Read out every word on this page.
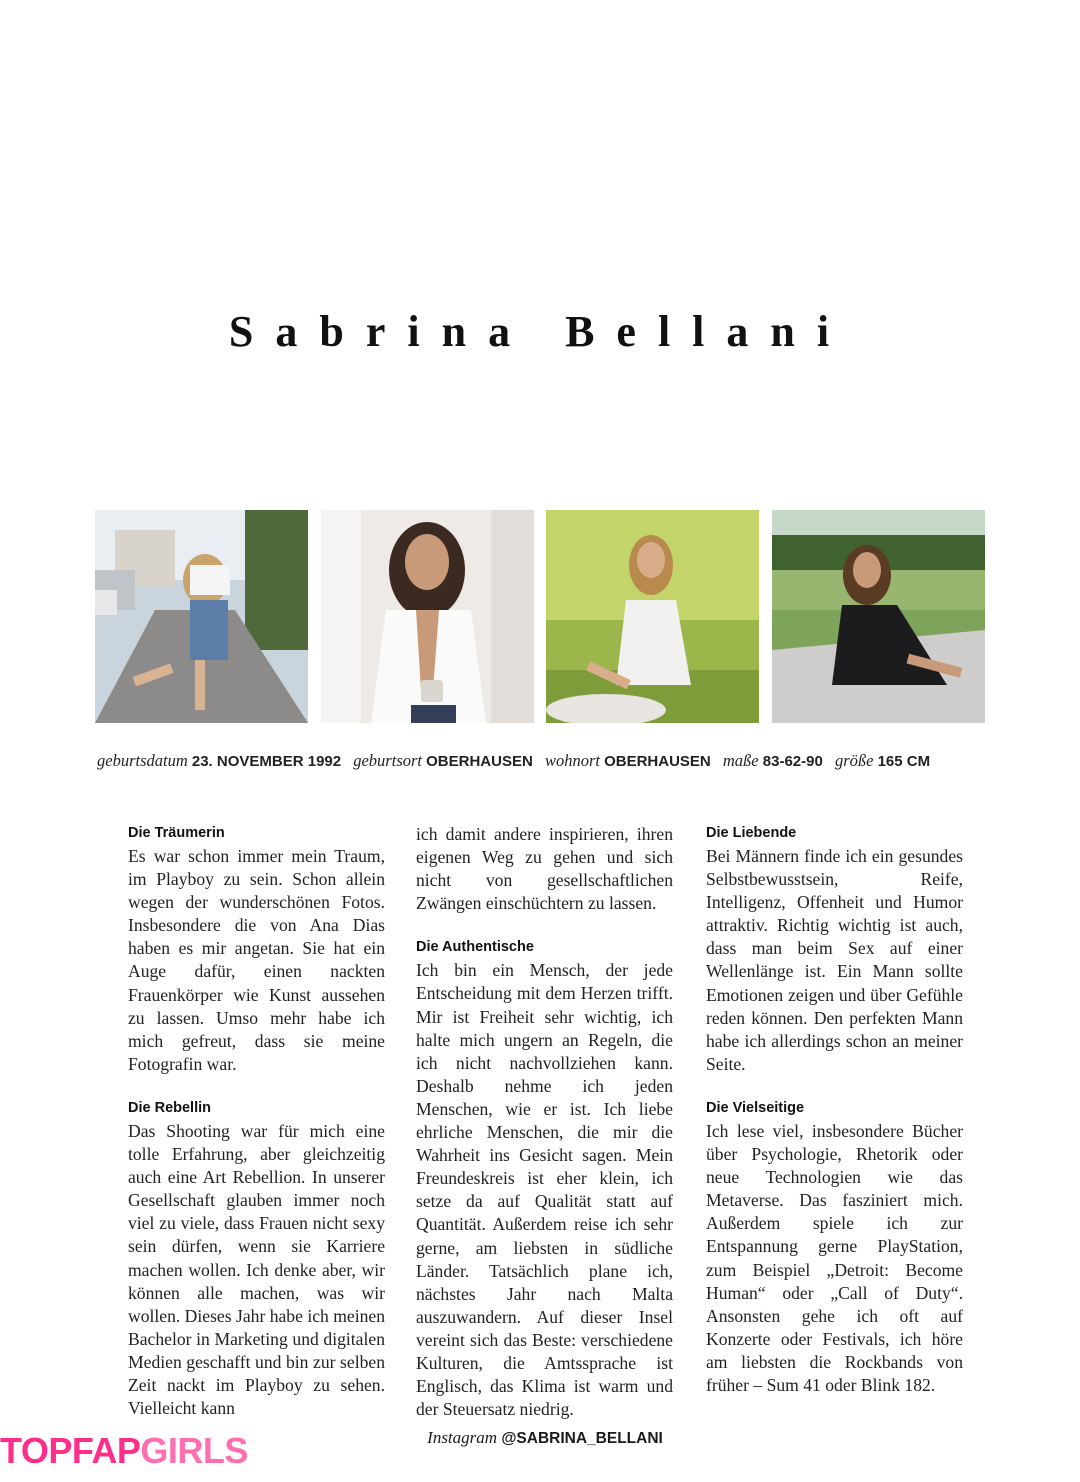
Sabrina Bellani
geburtsdatum 23. NOVEMBER 1992 geburtsort OBERHAUSEN wohnort OBERHAUSEN maße 83-62-90 größe 165 CM
Die Träumerin

Es war schon immer mein Traum, im Playboy zu sein. Schon allein wegen der wunderschönen Fotos. Insbesondere die von Ana Dias haben es mir angetan. Sie hat ein Auge dafür, einen nackten Frauenkörper wie Kunst aussehen zu lassen. Umso mehr habe ich mich gefreut, dass sie meine Fotografin war.

Die Rebellin

Das Shooting war für mich eine tolle Erfahrung, aber gleichzeitig auch eine Art Rebellion. In unserer Gesellschaft glauben immer noch viel zu viele, dass Frauen nicht sexy sein dürfen, wenn sie Karriere machen wollen. Ich denke aber, wir können alle machen, was wir wollen. Dieses Jahr habe ich meinen Bachelor in Marketing und digitalen Medien geschafft und bin zur selben Zeit nackt im Playboy zu sehen. Vielleicht kann

ich damit andere inspirieren, ihren eigenen Weg zu gehen und sich nicht von gesellschaftlichen Zwängen einschüchtern zu lassen.

Die Authentische

Ich bin ein Mensch, der jede Entscheidung mit dem Herzen trifft. Mir ist Freiheit sehr wichtig, ich halte mich ungern an Regeln, die ich nicht nachvollziehen kann. Deshalb nehme ich jeden Menschen, wie er ist. Ich liebe ehrliche Menschen, die mir die Wahrheit ins Gesicht sagen. Mein Freundeskreis ist eher klein, ich setze da auf Qualität statt auf Quantität. Außerdem reise ich sehr gerne, am liebsten in südliche Länder. Tatsächlich plane ich, nächstes Jahr nach Malta auszuwandern. Auf dieser Insel vereint sich das Beste: verschiedene Kulturen, die Amtssprache ist Englisch, das Klima ist warm und der Steuersatz niedrig.

Die Liebende

Bei Männern finde ich ein gesundes Selbstbewusstsein, Reife, Intelligenz, Offenheit und Humor attraktiv. Richtig wichtig ist auch, dass man beim Sex auf einer Wellenlänge ist. Ein Mann sollte Emotionen zeigen und über Gefühle reden können. Den perfekten Mann habe ich allerdings schon an meiner Seite.

Die Vielseitige

Ich lese viel, insbesondere Bücher über Psychologie, Rhetorik oder neue Technologien wie das Metaverse. Das fasziniert mich. Außerdem spiele ich zur Entspannung gerne PlayStation, zum Beispiel „Detroit: Become Human“ oder „Call of Duty“. Ansonsten gehe ich oft auf Konzerte oder Festivals, ich höre am liebsten die Rockbands von früher – Sum 41 oder Blink 182.

Instagram @SABRINA_BELLANI
TOPFAPGIRLS
